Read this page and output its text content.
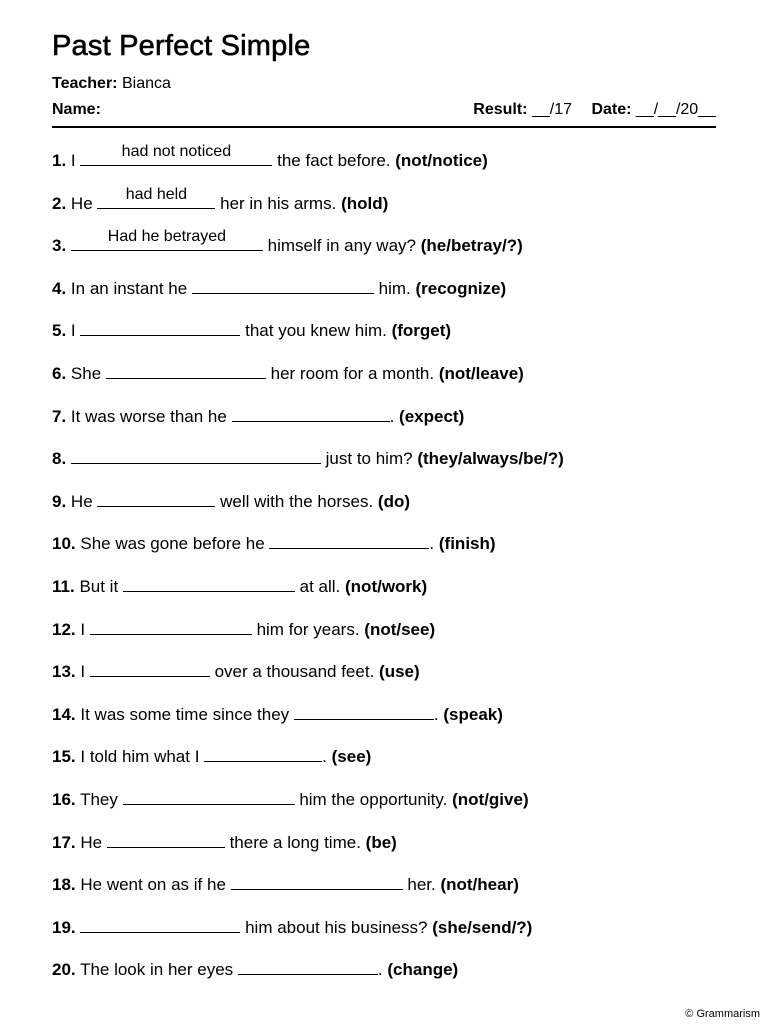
Past Perfect Simple
Teacher: Bianca
Name:	Result: __/17 Date: __/__/20__
1. I	had not noticed	the fact before. (not/notice)
2. He	had held	her in his arms. (hold)
3.	Had he betrayed	himself in any way? (he/betray/?)
4. In an instant he	him. (recognize)
5. I	that you knew him. (forget)
6. She	her room for a month. (not/leave)
7. It was worse than he	. (expect)
8.	just to him? (they/always/be/?)
9. He	well with the horses. (do)
10. She was gone before he	. (finish)
11. But it	at all. (not/work)
12. I	him for years. (not/see)
13. I	over a thousand feet. (use)
14. It was some time since they	. (speak)
15. I told him what I	. (see)
16. They	him the opportunity. (not/give)
17. He	there a long time. (be)
18. He went on as if he	her. (not/hear)
19.	him about his business? (she/send/?)
20. The look in her eyes	. (change)
© Grammarism
